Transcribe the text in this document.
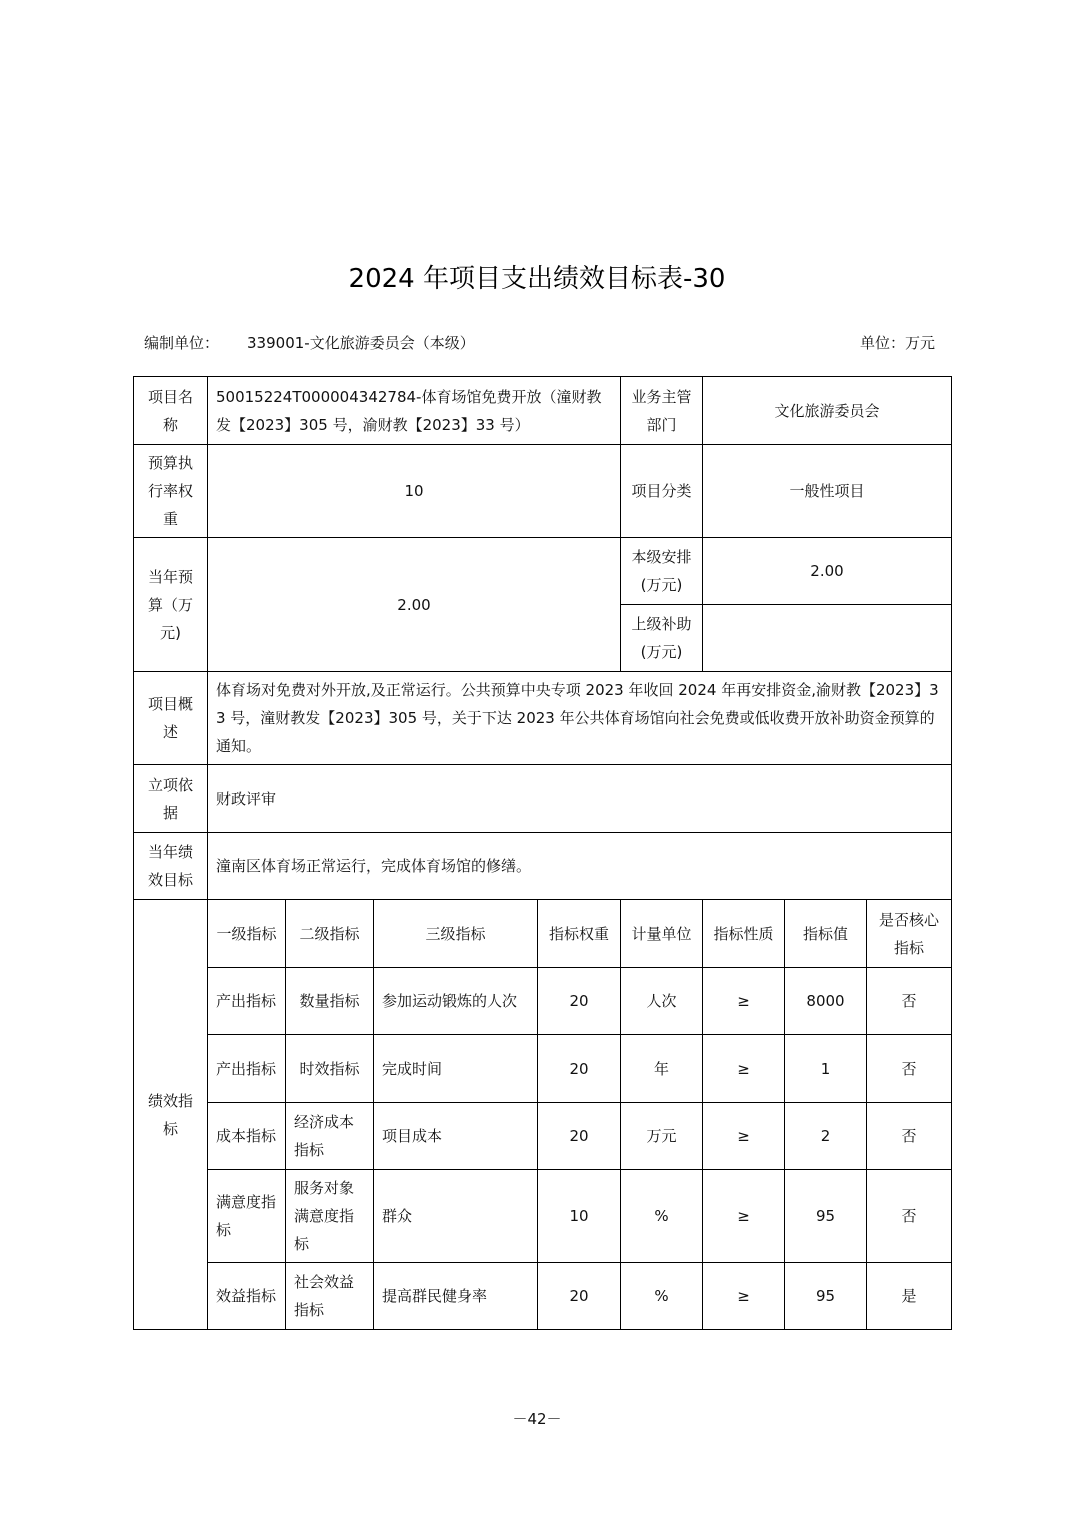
2024 年项目支出绩效目标表-30
编制单位： 339001-文化旅游委员会（本级）	单位：万元
项目名称	50015224T000004342784-体育场馆免费开放（潼财教发【2023】305 号，渝财教【2023】33 号）				业务主管部门	文化旅游委员会		
预算执行率权重	10				项目分类	一般性项目		
当年预算（万元)	2.00				本级安排(万元)	2.00		
					上级补助(万元)			
项目概述	体育场对免费对外开放,及正常运行。公共预算中央专项 2023 年收回 2024 年再安排资金,渝财教【2023】33 号，潼财教发【2023】305 号，关于下达 2023 年公共体育场馆向社会免费或低收费开放补助资金预算的通知。							
立项依据	财政评审							
当年绩效目标	潼南区体育场正常运行，完成体育场馆的修缮。							
绩效指标	一级指标	二级指标	三级指标	指标权重	计量单位	指标性质	指标值	是否核心指标
	产出指标	数量指标	参加运动锻炼的人次	20	人次	≥	8000	否
	产出指标	时效指标	完成时间	20	年	≥	1	否
	成本指标	经济成本指标	项目成本	20	万元	≥	2	否
	满意度指标	服务对象满意度指标	群众	10	%	≥	95	否
	效益指标	社会效益指标	提高群民健身率	20	%	≥	95	是
－42－
